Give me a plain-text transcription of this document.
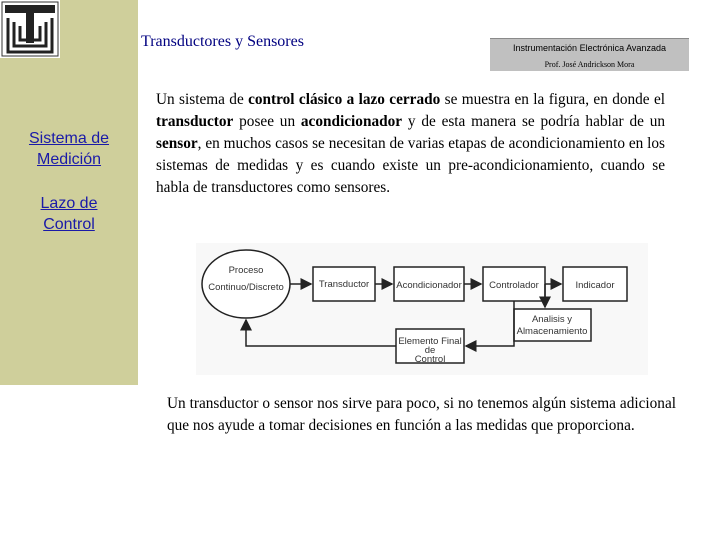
Sistema de
Medición
Lazo de
Control
Transductores y Sensores	Instrumentación Electrónica Avanzada
Prof. José Andrickson Mora
Un sistema de control clásico a lazo cerrado se muestra en la figura, en donde el transductor posee un acondicionador y de esta manera se podría hablar de un sensor, en muchos casos se necesitan de varias etapas de acondicionamiento en los sistemas de medidas y es cuando existe un pre-acondicionamiento, cuando se habla de transductores como sensores.
Proceso
Continuo/Discreto	Transductor	Acondicionador	Controlador	Indicador
Analisis y
Almacenamiento
Elemento Final
de
Control
Un transductor o sensor nos sirve para poco, si no tenemos algún sistema adicional que nos ayude a tomar decisiones en función a las medidas que proporciona.
